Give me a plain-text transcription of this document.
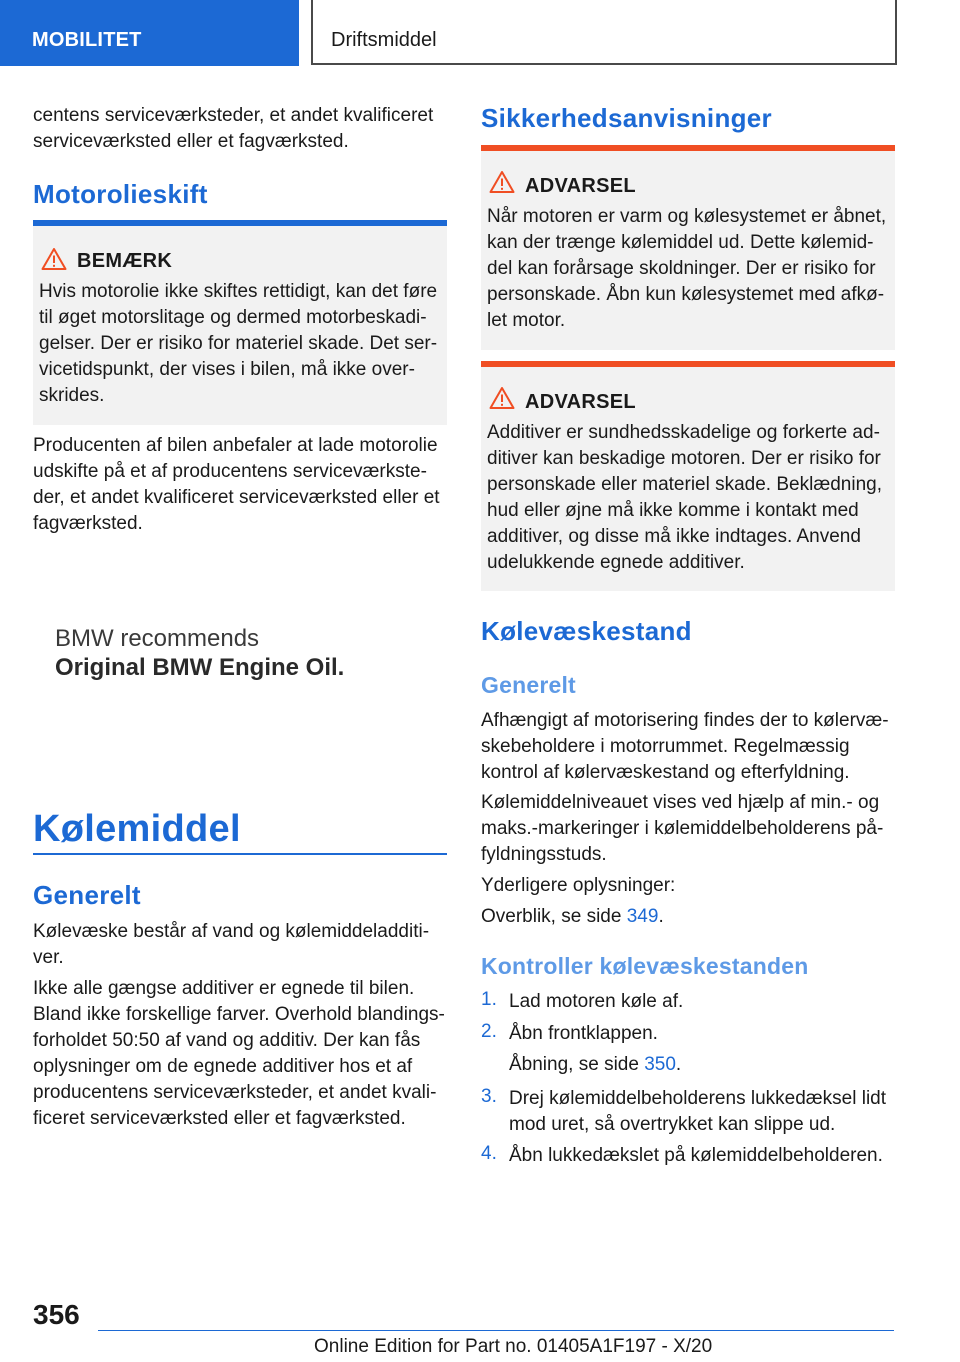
MOBILITET	Driftsmiddel

centens serviceværksteder, et andet kvalificeret

serviceværksted eller et fagværksted.

Motorolieskift
BEMÆRK

Hvis motorolie ikke skiftes rettidigt, kan det føre

til øget motorslitage og dermed motorbeskadi-

gelser. Der er risiko for materiel skade. Det ser-

vicetidspunkt, der vises i bilen, må ikke over-

skrides.

Producenten af bilen anbefaler at lade motorolie

udskifte på et af producentens serviceværkste-

der, et andet kvalificeret serviceværksted eller et

fagværksted.

BMW recommends
Original BMW Engine Oil.
Kølemiddel
Generelt

Kølevæske består af vand og kølemiddeladditi-

ver.

Ikke alle gængse additiver er egnede til bilen.

Bland ikke forskellige farver. Overhold blandings-

forholdet 50:50 af vand og additiv. Der kan fås

oplysninger om de egnede additiver hos et af

producentens serviceværksteder, et andet kvali-

ficeret serviceværksted eller et fagværksted.

Sikkerhedsanvisninger
ADVARSEL

Når motoren er varm og kølesystemet er åbnet,

kan der trænge kølemiddel ud. Dette kølemid-

del kan forårsage skoldninger. Der er risiko for

personskade. Åbn kun kølesystemet med afkø-

let motor.

ADVARSEL

Additiver er sundhedsskadelige og forkerte ad-

ditiver kan beskadige motoren. Der er risiko for

personskade eller materiel skade. Beklædning,

hud eller øjne må ikke komme i kontakt med

additiver, og disse må ikke indtages. Anvend

udelukkende egnede additiver.

Kølevæskestand
Generelt

Afhængigt af motorisering findes der to kølervæ-

skebeholdere i motorrummet. Regelmæssig

kontrol af kølervæskestand og efterfyldning.

Kølemiddelniveauet vises ved hjælp af min.- og

maks.-markeringer i kølemiddelbeholderens på-

fyldningsstuds.

Yderligere oplysninger:

Overblik, se side 349.

Kontroller kølevæskestanden
1. Lad motoren køle af.

2. Åbn frontklappen.

Åbning, se side 350.

3. Drej kølemiddelbeholderens lukkedæksel lidt

mod uret, så overtrykket kan slippe ud.

4. Åbn lukkedækslet på kølemiddelbeholderen.

356
Online Edition for Part no. 01405A1F197 - X/20
